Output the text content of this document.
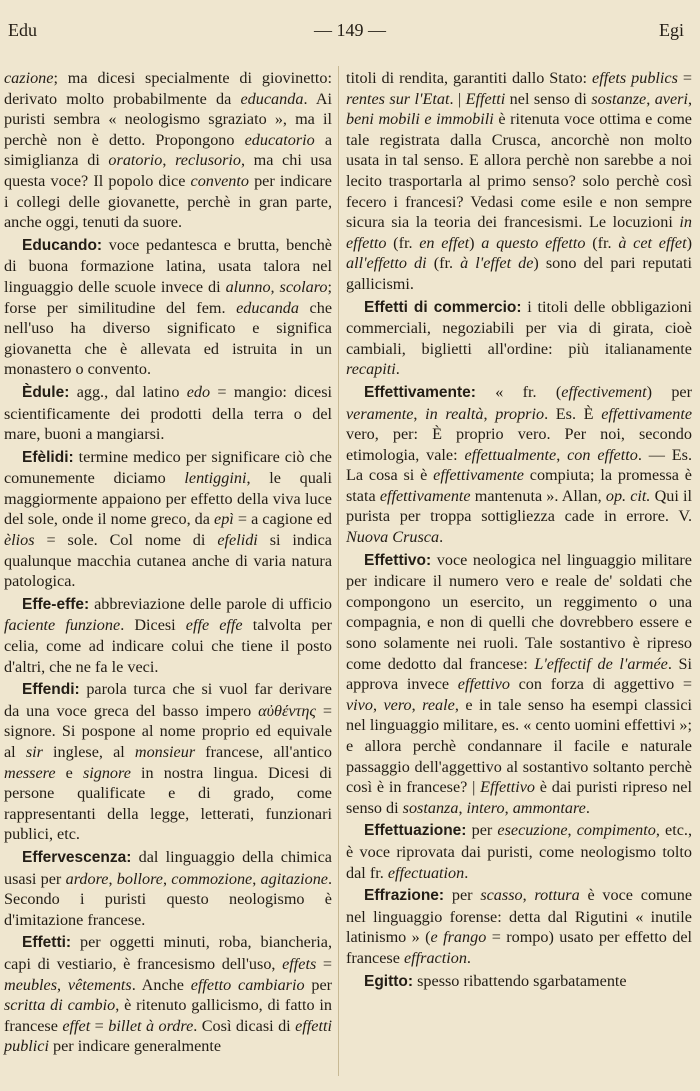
Edu	— 149 —	Egi

cazione; ma dicesi specialmente di giovinetto: derivato molto probabilmente da educanda. Ai puristi sembra « neologismo sgraziato », ma il perchè non è detto. Propongono educatorio a simiglianza di oratorio, reclusorio, ma chi usa questa voce? Il popolo dice convento per indicare i collegi delle giovanette, perchè in gran parte, anche oggi, tenuti da suore.

Educando: voce pedantesca e brutta, benchè di buona formazione latina, usata talora nel linguaggio delle scuole invece di alunno, scolaro; forse per similitudine del fem. educanda che nell'uso ha diverso significato e significa giovanetta che è allevata ed istruita in un monastero o convento.

Èdule: agg., dal latino edo = mangio: dicesi scientificamente dei prodotti della terra o del mare, buoni a mangiarsi.

Efèlidi: termine medico per significare ciò che comunemente diciamo lentiggini, le quali maggiormente appaiono per effetto della viva luce del sole, onde il nome greco, da epì = a cagione ed èlios = sole. Col nome di efelidi si indica qualunque macchia cutanea anche di varia natura patologica.

Effe-effe: abbreviazione delle parole di ufficio faciente funzione. Dicesi effe effe talvolta per celia, come ad indicare colui che tiene il posto d'altri, che ne fa le veci.

Effendi: parola turca che si vuol far derivare da una voce greca del basso impero αὐθέντης = signore. Si pospone al nome proprio ed equivale al sir inglese, al monsieur francese, all'antico messere e signore in nostra lingua. Dicesi di persone qualificate e di grado, come rappresentanti della legge, letterati, funzionari publici, etc.

Effervescenza: dal linguaggio della chimica usasi per ardore, bollore, commozione, agitazione. Secondo i puristi questo neologismo è d'imitazione francese.

Effetti: per oggetti minuti, roba, biancheria, capi di vestiario, è francesismo dell'uso, effets = meubles, vêtements. Anche effetto cambiario per scritta di cambio, è ritenuto gallicismo, di fatto in francese effet = billet à ordre. Così dicasi di effetti publici per indicare generalmente

titoli di rendita, garantiti dallo Stato: effets publics = rentes sur l'Etat. | Effetti nel senso di sostanze, averi, beni mobili e immobili è ritenuta voce ottima e come tale registrata dalla Crusca, ancorchè non molto usata in tal senso. E allora perchè non sarebbe a noi lecito trasportarla al primo senso? solo perchè così fecero i francesi? Vedasi come esile e non sempre sicura sia la teoria dei francesismi. Le locuzioni in effetto (fr. en effet) a questo effetto (fr. à cet effet) all'effetto di (fr. à l'effet de) sono del pari reputati gallicismi.

Effetti di commercio: i titoli delle obbligazioni commerciali, negoziabili per via di girata, cioè cambiali, biglietti all'ordine: più italianamente recapiti.

Effettivamente: « fr. (effectivement) per veramente, in realtà, proprio. Es. È effettivamente vero, per: È proprio vero. Per noi, secondo etimologia, vale: effettualmente, con effetto. — Es. La cosa si è effettivamente compiuta; la promessa è stata effettivamente mantenuta ». Allan, op. cit. Qui il purista per troppa sottigliezza cade in errore. V. Nuova Crusca.

Effettivo: voce neologica nel linguaggio militare per indicare il numero vero e reale de' soldati che compongono un esercito, un reggimento o una compagnia, e non di quelli che dovrebbero essere e sono solamente nei ruoli. Tale sostantivo è ripreso come dedotto dal francese: L'effectif de l'armée. Si approva invece effettivo con forza di aggettivo = vivo, vero, reale, e in tale senso ha esempi classici nel linguaggio militare, es. « cento uomini effettivi »; e allora perchè condannare il facile e naturale passaggio dell'aggettivo al sostantivo soltanto perchè così è in francese? | Effettivo è dai puristi ripreso nel senso di sostanza, intero, ammontare.

Effettuazione: per esecuzione, compimento, etc., è voce riprovata dai puristi, come neologismo tolto dal fr. effectuation.

Effrazione: per scasso, rottura è voce comune nel linguaggio forense: detta dal Rigutini « inutile latinismo » (e frango = rompo) usato per effetto del francese effraction.

Egitto: spesso ribattendo sgarbatamente
